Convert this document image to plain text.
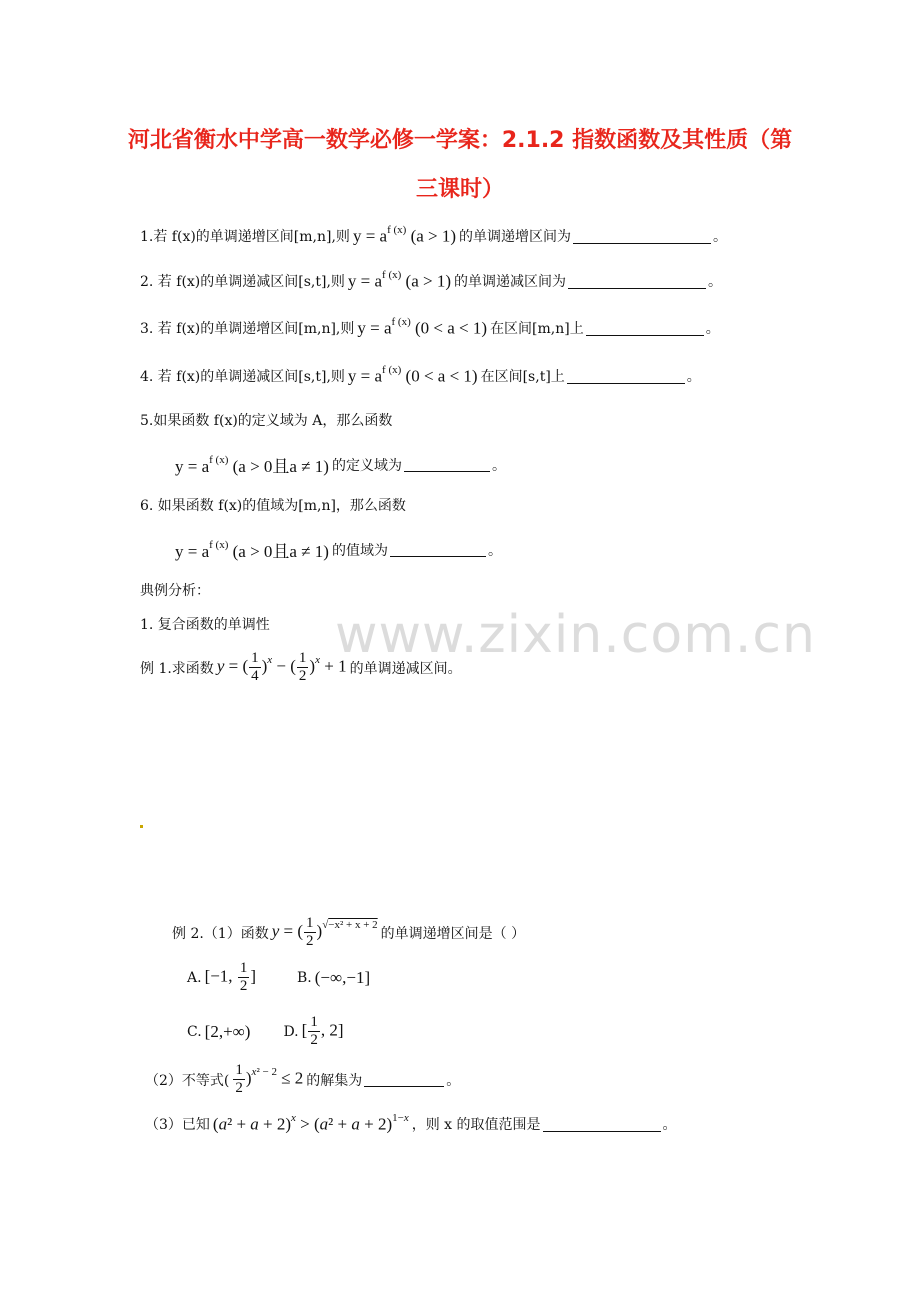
河北省衡水中学高一数学必修一学案：2.1.2 指数函数及其性质（第
三课时）
1.若 f(x)的单调递增区间[m,n],则 $y = a^{f (x)}$ (a > 1) 的单调递增区间为	。
2. 若 f(x)的单调递减区间[s,t],则 $y = a^{f (x)}$ (a > 1) 的单调递减区间为	。
3. 若 f(x)的单调递增区间[m,n],则 $y = a^{f (x)}$ (0 < a < 1) 在区间[m,n]上	。
4. 若 f(x)的单调递减区间[s,t],则 $y = a^{f (x)}$ (0 < a < 1) 在区间[s,t]上	。
5.如果函数 f(x)的定义域为 A，那么函数
$y = a^{f (x)}$ (a > 0且a ≠ 1) 的定义域为	。
6. 如果函数 f(x)的值域为[m,n]，那么函数
$y = a^{f (x)}$ (a > 0且a ≠ 1) 的值域为	。
典例分析：
www.zixin.com.cn
1. 复合函数的单调性
例 1.求函数 y = ( $\frac{1}{4} )^x$ − ( $\frac{1}{2} )^x + 1$ 的单调递减区间。
例 2.（1）函数 y = ( $\frac{1}{2} )^{√-x^2 + x + 2}$
的单调递增区间是（ ）
A. [−1, $\frac{1}{2}$ ]	B. (−∞,−1]
C. [2,+∞) D. [ $\frac{1}{2}$ , 2]
（2）不等式( $\frac{1}{2} )^{x^2 - 2} \le 2$ 的解集为	。
（3）已知 $(a^2 + a + 2)^x > (a^2 + a + 2)^{1-x}$ ，则 x 的取值范围是	。
